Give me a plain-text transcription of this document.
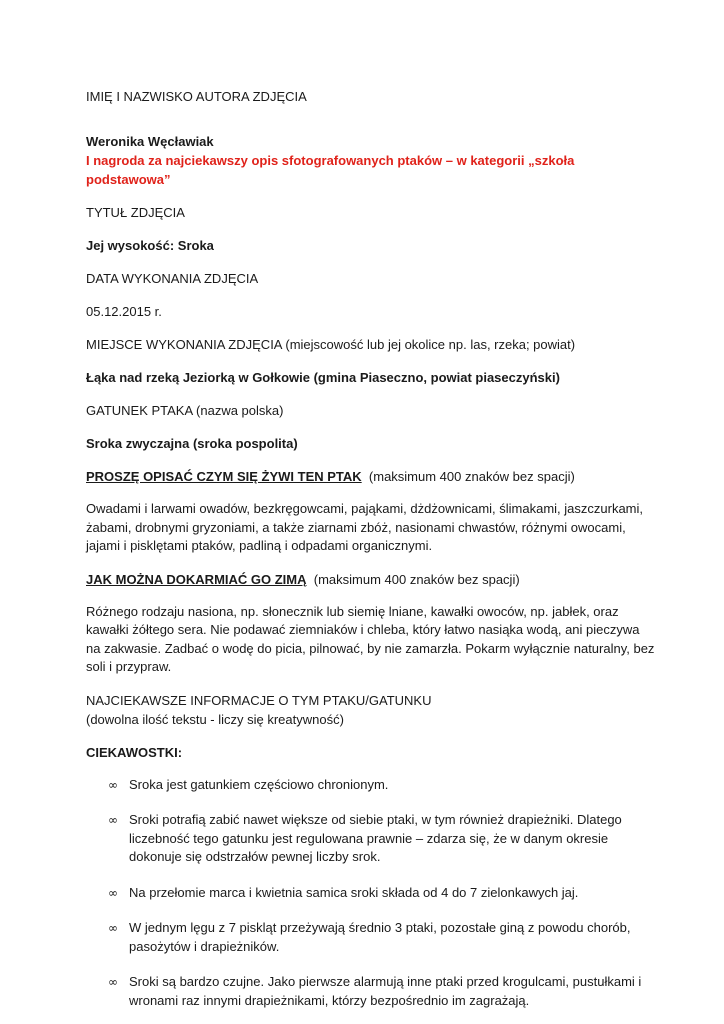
IMIĘ I NAZWISKO AUTORA ZDJĘCIA

Weronika Węcławiak

I nagroda za najciekawszy opis sfotografowanych ptaków – w kategorii „szkoła podstawowa”

TYTUŁ ZDJĘCIA

Jej wysokość: Sroka

DATA WYKONANIA ZDJĘCIA

05.12.2015 r.

MIEJSCE WYKONANIA ZDJĘCIA (miejscowość lub jej okolice np. las, rzeka; powiat)

Łąka nad rzeką Jeziorką w Gołkowie (gmina Piaseczno, powiat piaseczyński)

GATUNEK PTAKA (nazwa polska)

Sroka zwyczajna (sroka pospolita)

PROSZĘ OPISAĆ CZYM SIĘ ŻYWI TEN PTAK (maksimum 400 znaków bez spacji)

Owadami i larwami owadów, bezkręgowcami, pająkami, dżdżownicami, ślimakami, jaszczurkami, żabami, drobnymi gryzoniami, a także ziarnami zbóż, nasionami chwastów, różnymi owocami, jajami i pisklętami ptaków, padliną i odpadami organicznymi.

JAK MOŻNA DOKARMIAĆ GO ZIMĄ (maksimum 400 znaków bez spacji)

Różnego rodzaju nasiona, np. słonecznik lub siemię lniane, kawałki owoców, np. jabłek, oraz kawałki żółtego sera. Nie podawać ziemniaków i chleba, który łatwo nasiąka wodą, ani pieczywa na zakwasie. Zadbać o wodę do picia, pilnować, by nie zamarzła. Pokarm wyłącznie naturalny, bez soli i przypraw.

NAJCIEKAWSZE INFORMACJE O TYM PTAKU/GATUNKU

(dowolna ilość tekstu - liczy się kreatywność)

CIEKAWOSTKI:

∞ Sroka jest gatunkiem częściowo chronionym.
∞ Sroki potrafią zabić nawet większe od siebie ptaki, w tym również drapieżniki. Dlatego liczebność tego gatunku jest regulowana prawnie – zdarza się, że w danym okresie dokonuje się odstrzałów pewnej liczby srok.
∞ Na przełomie marca i kwietnia samica sroki składa od 4 do 7 zielonkawych jaj.
∞ W jednym lęgu z 7 piskląt przeżywają średnio 3 ptaki, pozostałe giną z powodu chorób, pasożytów i drapieżników.
∞ Sroki są bardzo czujne. Jako pierwsze alarmują inne ptaki przed krogulcami, pustułkami i wronami raz innymi drapieżnikami, którzy bezpośrednio im zagrażają.
